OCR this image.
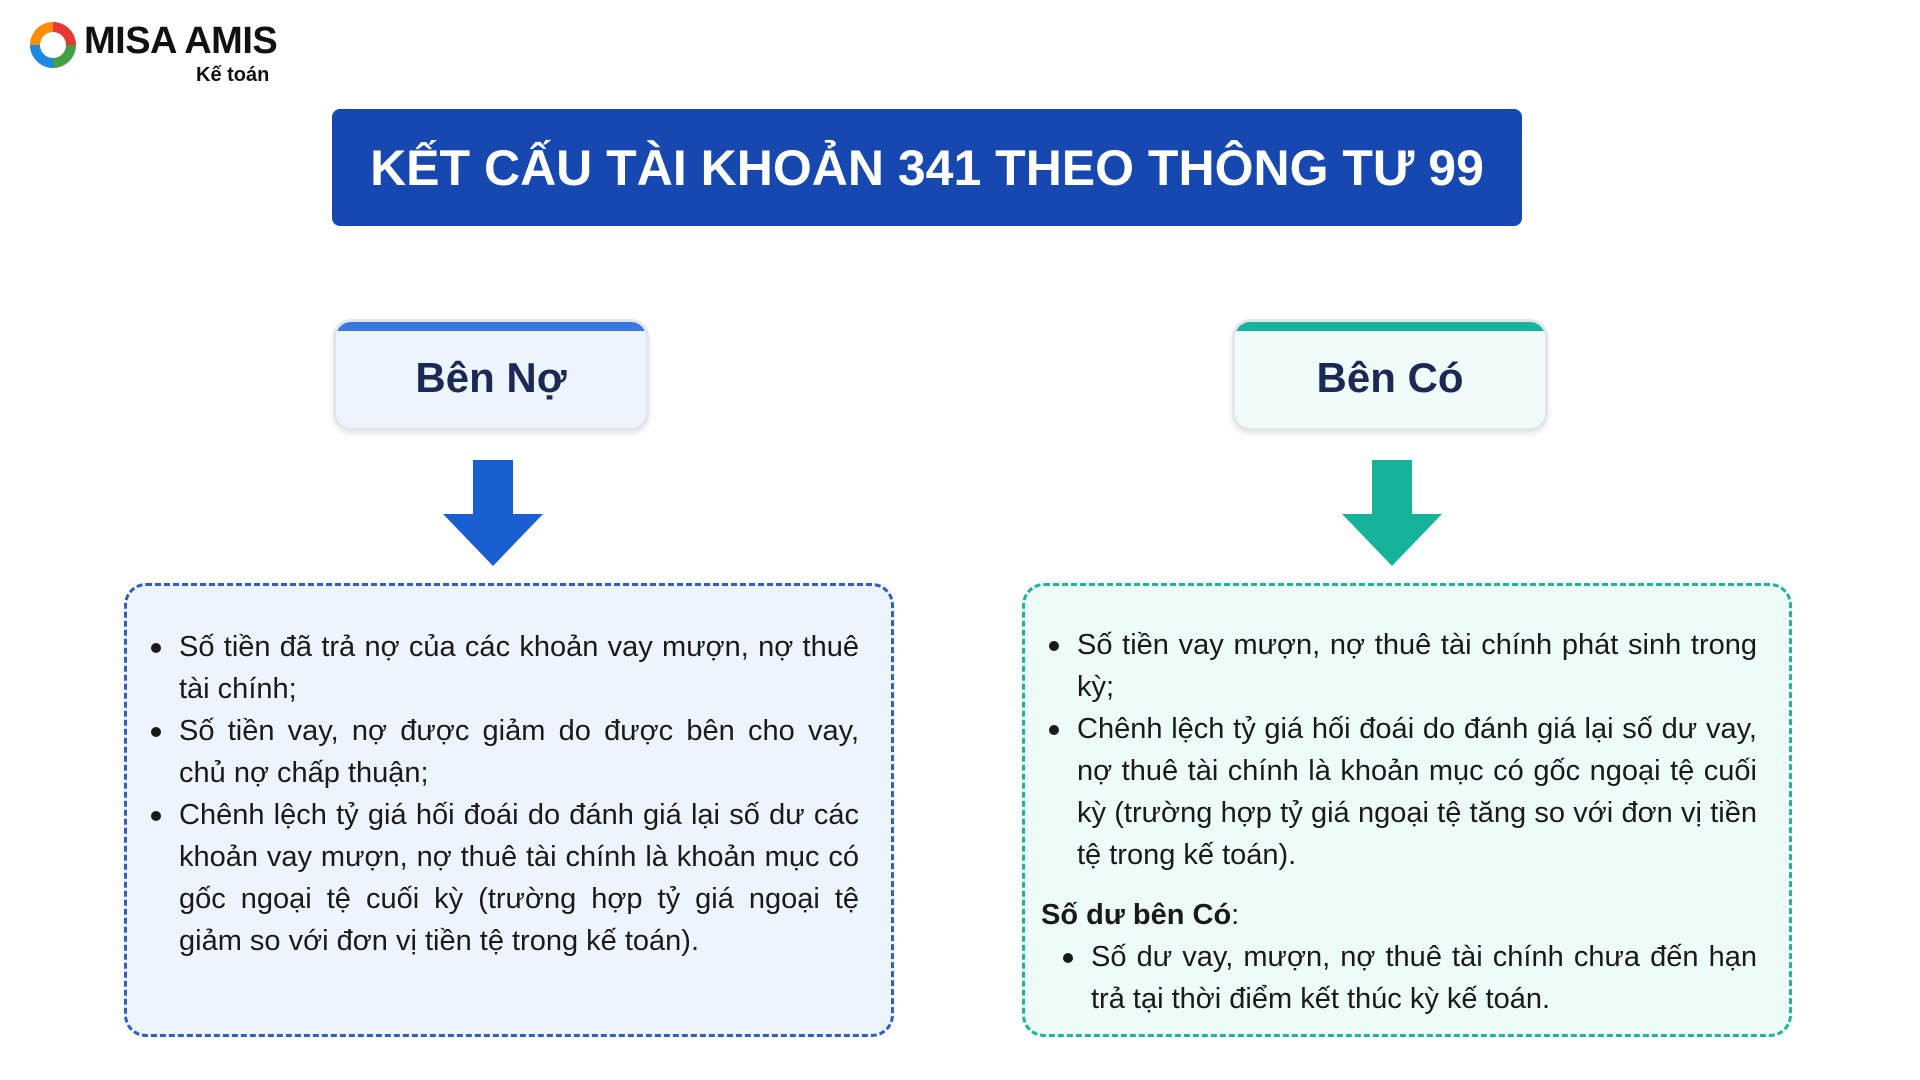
MISA AMIS
Kế toán
KẾT CẤU TÀI KHOẢN 341 THEO THÔNG TƯ 99
Bên Nợ	Bên Có
Số tiền đã trả nợ của các khoản vay mượn, nợ thuê tài chính;
Số tiền vay, nợ được giảm do được bên cho vay, chủ nợ chấp thuận;
Chênh lệch tỷ giá hối đoái do đánh giá lại số dư các khoản vay mượn, nợ thuê tài chính là khoản mục có gốc ngoại tệ cuối kỳ (trường hợp tỷ giá ngoại tệ giảm so với đơn vị tiền tệ trong kế toán).
Số tiền vay mượn, nợ thuê tài chính phát sinh trong kỳ;
Chênh lệch tỷ giá hối đoái do đánh giá lại số dư vay, nợ thuê tài chính là khoản mục có gốc ngoại tệ cuối kỳ (trường hợp tỷ giá ngoại tệ tăng so với đơn vị tiền tệ trong kế toán).
Số dư bên Có:
Số dư vay, mượn, nợ thuê tài chính chưa đến hạn trả tại thời điểm kết thúc kỳ kế toán.
